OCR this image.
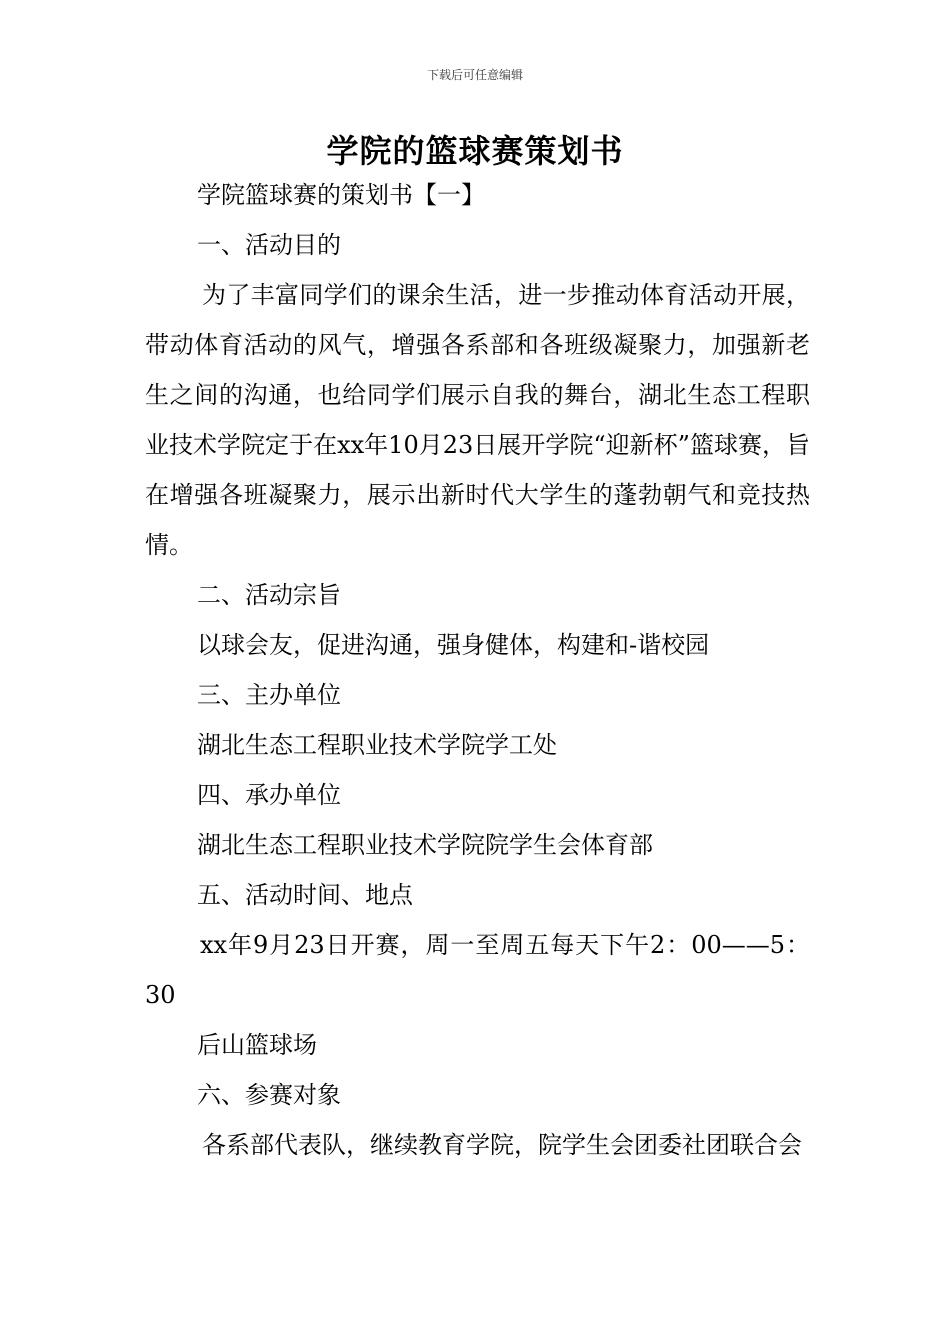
下载后可任意编辑
学院的篮球赛策划书
学院篮球赛的策划书【一】
一、活动目的

为了丰富同学们的课余生活，进一步推动体育活动开展，带动体育活动的风气，增强各系部和各班级凝聚力，加强新老生之间的沟通，也给同学们展示自我的舞台，湖北生态工程职业技术学院定于在xx年10月23日展开学院“迎新杯”篮球赛，旨在增强各班凝聚力，展示出新时代大学生的蓬勃朝气和竞技热情。

二、活动宗旨
以球会友，促进沟通，强身健体，构建和-谐校园
三、主办单位
湖北生态工程职业技术学院学工处
四、承办单位
湖北生态工程职业技术学院院学生会体育部
五、活动时间、地点

xx年9月23日开赛，周一至周五每天下午2：00——5：30

后山篮球场
六、参赛对象

各系部代表队，继续教育学院，院学生会团委社团联合会
